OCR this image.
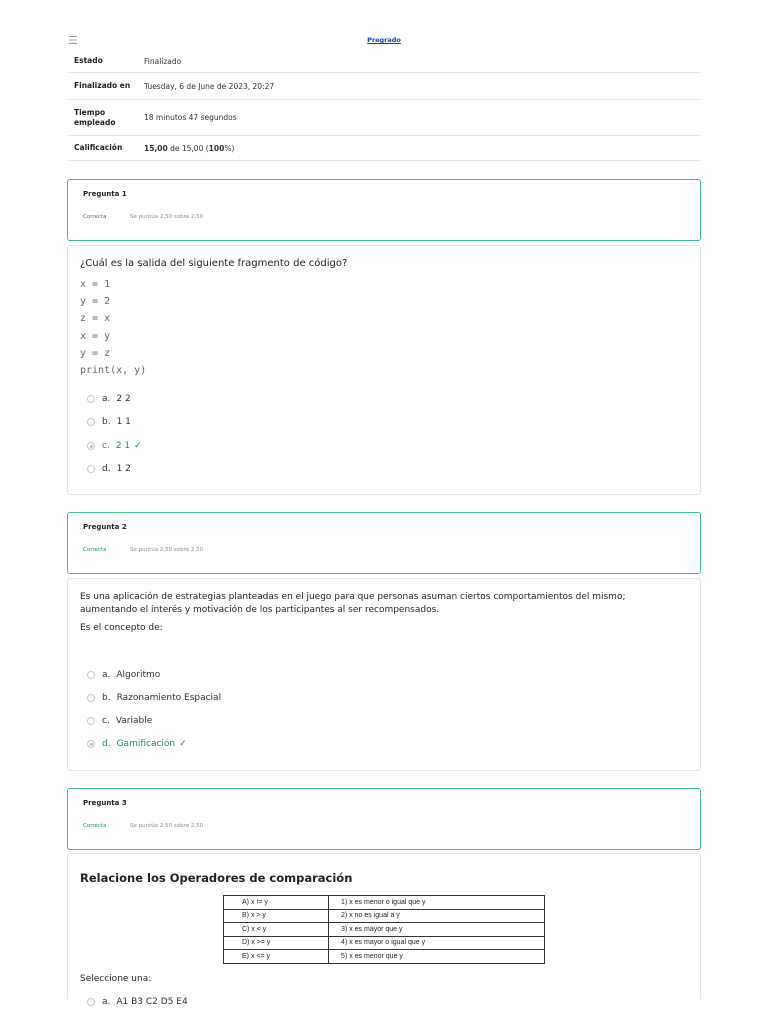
☰	Pregrado
Estado	Finalizado
Finalizado en	Tuesday, 6 de June de 2023, 20:27
Tiempo empleado	18 minutos 47 segundos
Calificación	15,00 de 15,00 (100%)
Pregunta 1
Correcta	Se puntúa 2,50 sobre 2,50
¿Cuál es la salida del siguiente fragmento de código?
x = 1
y = 2
z = x
x = y
y = z
print(x, y)
a. 2 2
b. 1 1
c. 2 1 ✓
d. 1 2
Pregunta 2
Correcta	Se puntúa 2,50 sobre 2,50
Es una aplicación de estrategias planteadas en el juego para que personas asuman ciertos comportamientos del mismo; aumentando el interés y motivación de los participantes al ser recompensados.
Es el concepto de:
a. Algoritmo
b. Razonamiento Espacial
c. Variable
d. Gamificación ✓
Pregunta 3
Correcta	Se puntúa 2,50 sobre 2,50
Relacione los Operadores de comparación
A) x != y	1) x es menor o igual que y
B) x > y	2) x no es igual a y
C) x < y	3) x es mayor que y
D) x >= y	4) x es mayor o igual que y
E) x <= y	5) x es menor que y
Seleccione una:
a. A1 B3 C2 D5 E4
